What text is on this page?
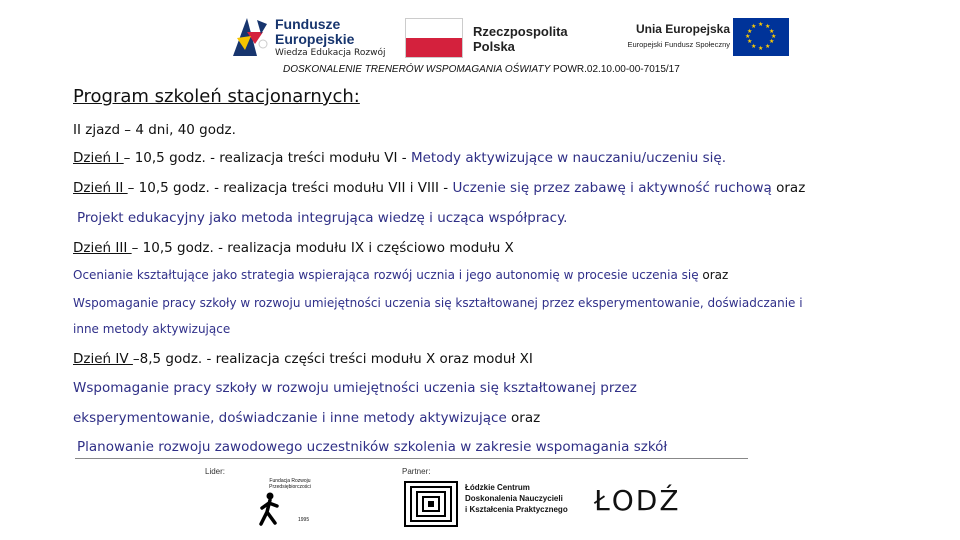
Fundusze
Europejskie
Wiedza Edukacja Rozwój
Rzeczpospolita
Polska
Unia Europejska
Europejski Fundusz Społeczny
★ ★
★
★
★
★
★
★
★
★
★
★
DOSKONALENIE TRENERÓW WSPOMAGANIA OŚWIATY POWR.02.10.00-00-7015/17
Program szkoleń stacjonarnych:
II zjazd – 4 dni, 40 godz.
Dzień I – 10,5 godz. - realizacja treści modułu VI - Metody aktywizujące w nauczaniu/uczeniu się.
Dzień II – 10,5 godz. - realizacja treści modułu VII i VIII - Uczenie się przez zabawę i aktywność ruchową oraz
Projekt edukacyjny jako metoda integrująca wiedzę i ucząca współpracy.
Dzień III – 10,5 godz. - realizacja modułu IX i częściowo modułu X
Ocenianie kształtujące jako strategia wspierająca rozwój ucznia i jego autonomię w procesie uczenia się oraz
Wspomaganie pracy szkoły w rozwoju umiejętności uczenia się kształtowanej przez eksperymentowanie, doświadczanie i
inne metody aktywizujące
Dzień IV –8,5 godz. - realizacja części treści modułu X oraz moduł XI
Wspomaganie pracy szkoły w rozwoju umiejętności uczenia się kształtowanej przez
eksperymentowanie, doświadczanie i inne metody aktywizujące oraz
Planowanie rozwoju zawodowego uczestników szkolenia w zakresie wspomagania szkół
Lider:
Fundacja Rozwoju
Przedsiębiorczości
1995
Partner:
Łódzkie Centrum
Doskonalenia Nauczycieli
i Kształcenia Praktycznego ŁODŹ
